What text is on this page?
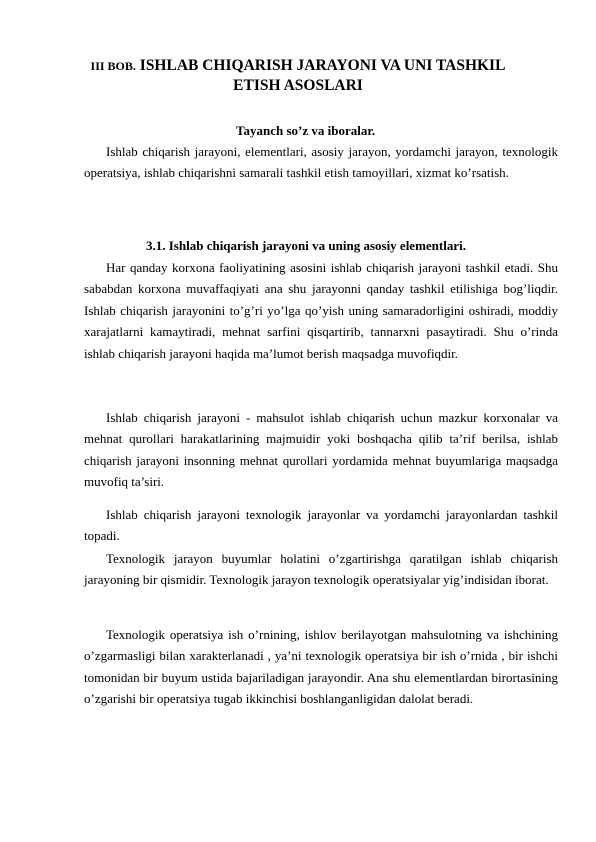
III BOB. ISHLAB CHIQARISH JARAYONI VA UNI TASHKIL
ETISH ASOSLARI
Tayanch so’z va iboralar.
Ishlab chiqarish jarayoni, elementlari, asosiy jarayon, yordamchi jarayon, texnologik operatsiya, ishlab chiqarishni samarali tashkil etish tamoyillari, xizmat ko’rsatish.
3.1. Ishlab chiqarish jarayoni va uning asosiy elementlari.
Har qanday korxona faoliyatining asosini ishlab chiqarish jarayoni tashkil etadi. Shu sababdan korxona muvaffaqiyati ana shu jarayonni qanday tashkil etilishiga bog’liqdir. Ishlab chiqarish jarayonini to’g’ri yo’lga qo’yish uning samaradorligini oshiradi, moddiy xarajatlarni kamaytiradi, mehnat sarfini qisqartirib, tannarxni pasaytiradi. Shu o’rinda ishlab chiqarish jarayoni haqida ma’lumot berish maqsadga muvofiqdir.
Ishlab chiqarish jarayoni - mahsulot ishlab chiqarish uchun mazkur korxonalar va mehnat qurollari harakatlarining majmuidir yoki boshqacha qilib ta’rif berilsa, ishlab chiqarish jarayoni insonning mehnat qurollari yordamida mehnat buyumlariga maqsadga muvofiq ta’siri.
Ishlab chiqarish jarayoni texnologik jarayonlar va yordamchi jarayonlardan tashkil topadi.
Texnologik jarayon buyumlar holatini o’zgartirishga qaratilgan ishlab chiqarish jarayoning bir qismidir. Texnologik jarayon texnologik operatsiyalar yig’indisidan iborat.
Texnologik operatsiya ish o’rnining, ishlov berilayotgan mahsulotning va ishchining o’zgarmasligi bilan xarakterlanadi , ya’ni texnologik operatsiya bir ish o’rnida , bir ishchi tomonidan bir buyum ustida bajariladigan jarayondir. Ana shu elementlardan birortasining o’zgarishi bir operatsiya tugab ikkinchisi boshlanganligidan dalolat beradi.
